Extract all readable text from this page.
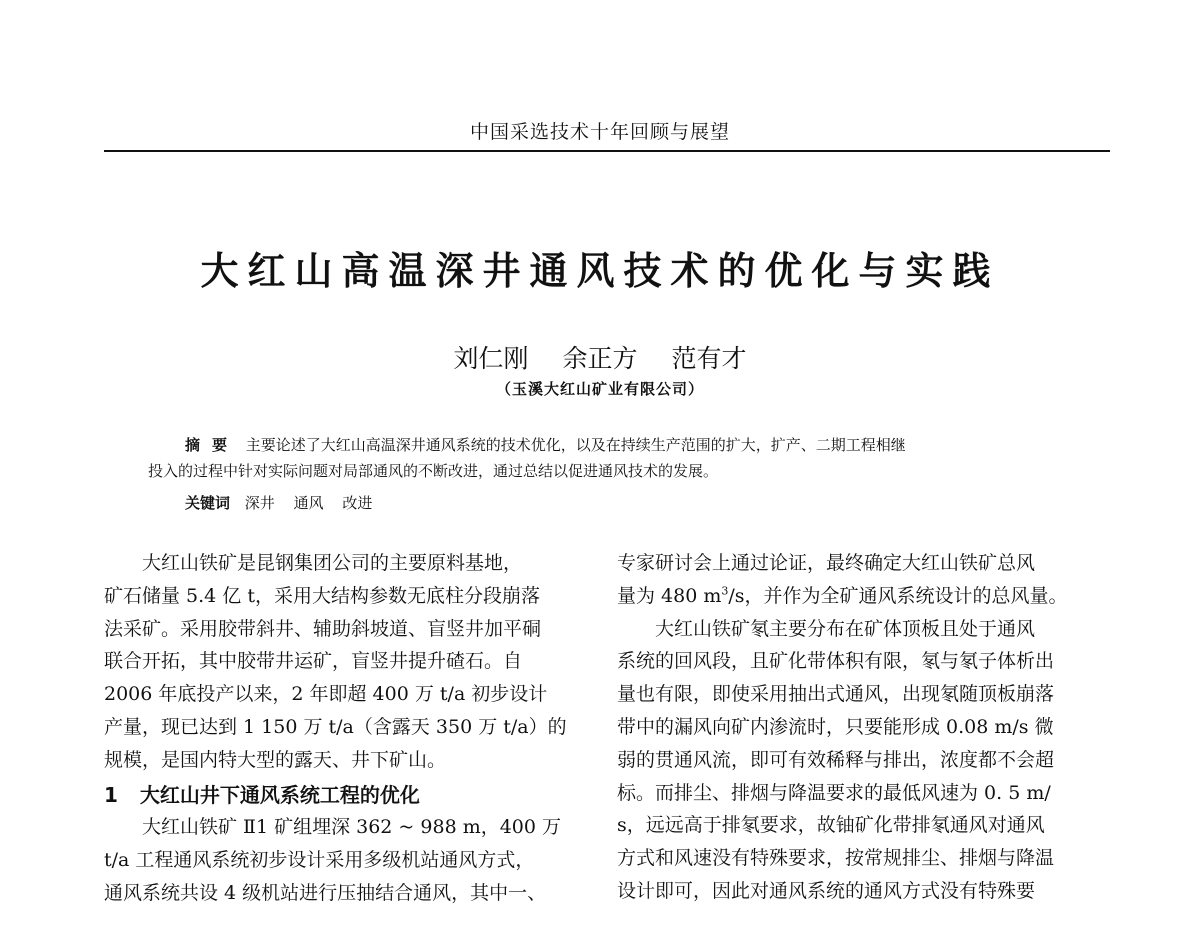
中国采选技术十年回顾与展望
大红山高温深井通风技术的优化与实践
刘仁刚 余正方 范有才
（玉溪大红山矿业有限公司）
摘要 主要论述了大红山高温深井通风系统的技术优化，以及在持续生产范围的扩大，扩产、二期工程相继
投入的过程中针对实际问题对局部通风的不断改进，通过总结以促进通风技术的发展。
关键词 深井 通风 改进

大红山铁矿是昆钢集团公司的主要原料基地，
矿石储量 5.4 亿 t，采用大结构参数无底柱分段崩落
法采矿。采用胶带斜井、辅助斜坡道、盲竖井加平硐
联合开拓，其中胶带井运矿，盲竖井提升碴石。自
2006 年底投产以来，2 年即超 400 万 t/a 初步设计
产量，现已达到 1 150 万 t/a（含露天 350 万 t/a）的
规模，是国内特大型的露天、井下矿山。

1 大红山井下通风系统工程的优化

大红山铁矿 Ⅱ1 矿组埋深 362 ~ 988 m，400 万
t/a 工程通风系统初步设计采用多级机站通风方式，
通风系统共设 4 级机站进行压抽结合通风，其中一、

专家研讨会上通过论证，最终确定大红山铁矿总风
量为 480 $m^3/s$，并作为全矿通风系统设计的总风量。

大红山铁矿氡主要分布在矿体顶板且处于通风
系统的回风段，且矿化带体积有限，氡与氡子体析出
量也有限，即使采用抽出式通风，出现氡随顶板崩落
带中的漏风向矿内渗流时，只要能形成 0.08 m/s 微
弱的贯通风流，即可有效稀释与排出，浓度都不会超
标。而排尘、排烟与降温要求的最低风速为 0. 5 m/
s，远远高于排氡要求，故铀矿化带排氡通风对通风
方式和风速没有特殊要求，按常规排尘、排烟与降温
设计即可，因此对通风系统的通风方式没有特殊要
